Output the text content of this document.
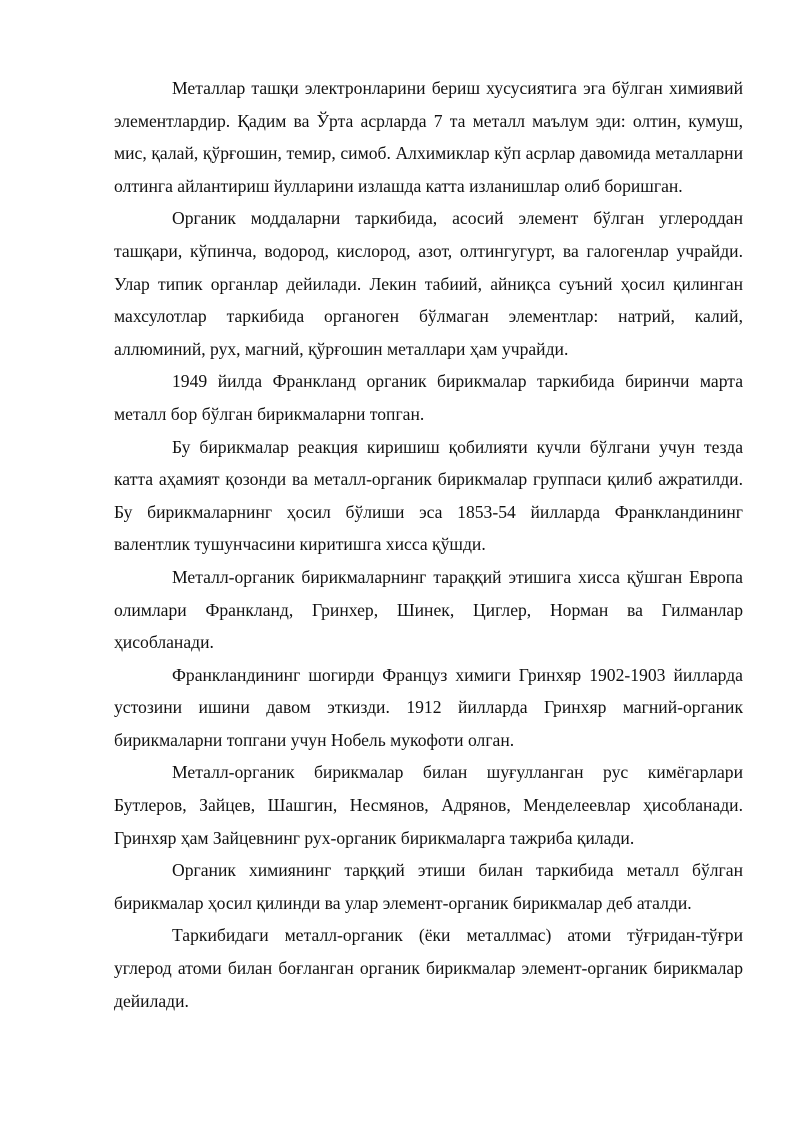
Металлар ташқи электронларини бериш хусусиятига эга бўлган химиявий элементлардир. Қадим ва Ўрта асрларда 7 та металл маълум эди: олтин, кумуш, мис, қалай, қўрғошин, темир, симоб. Алхимиклар кўп асрлар давомида металларни олтинга айлантириш йулларини излашда катта изланишлар олиб боришган.

Органик моддаларни таркибида, асосий элемент бўлган углероддан ташқари, кўпинча, водород, кислород, азот, олтингугурт, ва галогенлар учрайди. Улар типик органлар дейилади. Лекин табиий, айниқса суъний ҳосил қилинган махсулотлар таркибида органоген бўлмаган элементлар: натрий, калий, аллюминий, рух, магний, қўрғошин металлари ҳам учрайди.

1949 йилда Франкланд органик бирикмалар таркибида биринчи марта металл бор бўлган бирикмаларни топган.

Бу бирикмалар реакция киришиш қобилияти кучли бўлгани учун тезда катта аҳамият қозонди ва металл-органик бирикмалар группаси қилиб ажратилди. Бу бирикмаларнинг ҳосил бўлиши эса 1853-54 йилларда Франкландининг валентлик тушунчасини киритишга хисса қўшди.

Металл-органик бирикмаларнинг тараққий этишига хисса қўшган Европа олимлари Франкланд, Гринхер, Шинек, Циглер, Норман ва Гилманлар ҳисобланади.

Франкландининг шогирди Француз химиги Гринхяр 1902-1903 йилларда устозини ишини давом эткизди. 1912 йилларда Гринхяр магний-органик бирикмаларни топгани учун Нобель мукофоти олган.

Металл-органик бирикмалар билан шуғулланган рус кимёгарлари Бутлеров, Зайцев, Шашгин, Несмянов, Адрянов, Менделеевлар ҳисобланади. Гринхяр ҳам Зайцевнинг рух-органик бирикмаларга тажриба қилади.

Органик химиянинг тарққий этиши билан таркибида металл бўлган бирикмалар ҳосил қилинди ва улар элемент-органик бирикмалар деб аталди.

Таркибидаги металл-органик (ёки металлмас) атоми тўғридан-тўғри углерод атоми билан боғланган органик бирикмалар элемент-органик бирикмалар дейилади.
